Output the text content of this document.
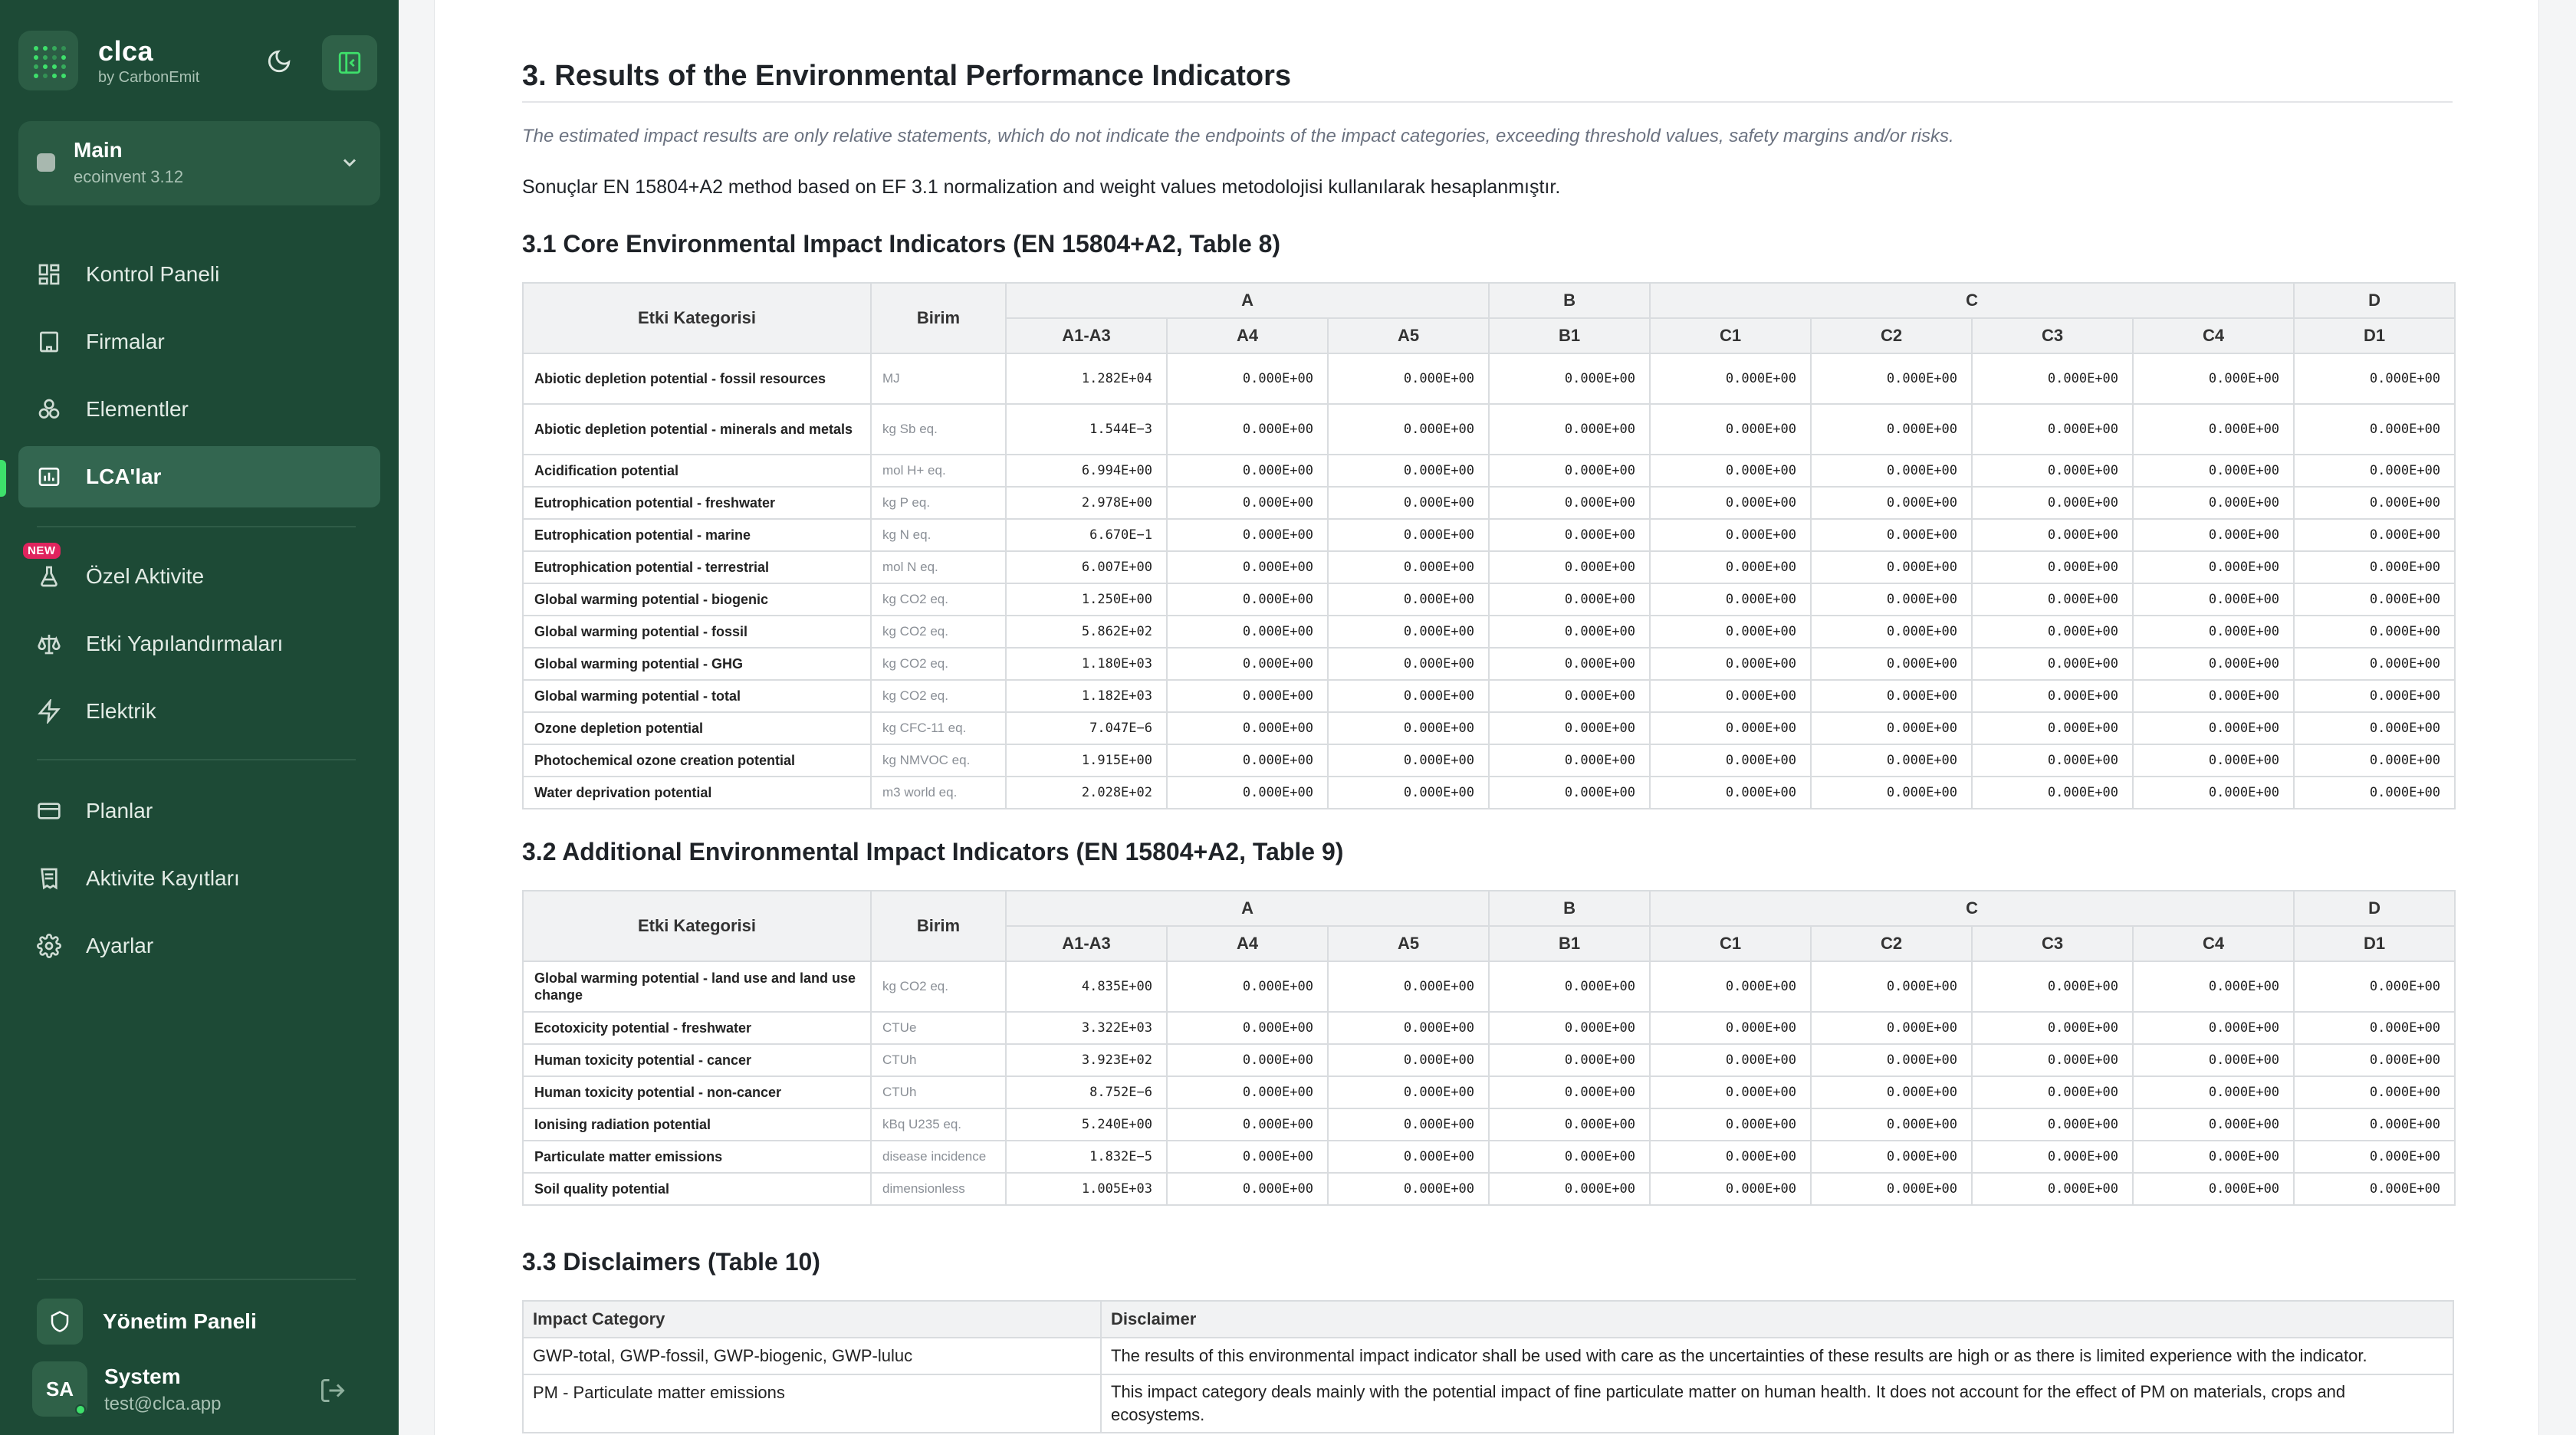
clca
by CarbonEmit
Main
ecoinvent 3.12
Kontrol Paneli
Firmalar
Elementler
LCA'lar
NEW
Özel Aktivite
Etki Yapılandırmaları
Elektrik
Planlar
Aktivite Kayıtları
Ayarlar
Yönetim Paneli
SA
System
test@clca.app
3. Results of the Environmental Performance Indicators

The estimated impact results are only relative statements, which do not indicate the endpoints of the impact categories, exceeding threshold values, safety margins and/or risks.

Sonuçlar EN 15804+A2 method based on EF 3.1 normalization and weight values metodolojisi kullanılarak hesaplanmıştır.

3.1 Core Environmental Impact Indicators (EN 15804+A2, Table 8)
Etki Kategorisi	Birim	A			B	C				D
		A1-A3	A4	A5	B1	C1	C2	C3	C4	D1
Abiotic depletion potential - fossil resources	MJ	1.282E+04	0.000E+00	0.000E+00	0.000E+00	0.000E+00	0.000E+00	0.000E+00	0.000E+00	0.000E+00
Abiotic depletion potential - minerals and metals	kg Sb eq.	1.544E−3	0.000E+00	0.000E+00	0.000E+00	0.000E+00	0.000E+00	0.000E+00	0.000E+00	0.000E+00
Acidification potential	mol H+ eq.	6.994E+00	0.000E+00	0.000E+00	0.000E+00	0.000E+00	0.000E+00	0.000E+00	0.000E+00	0.000E+00
Eutrophication potential - freshwater	kg P eq.	2.978E+00	0.000E+00	0.000E+00	0.000E+00	0.000E+00	0.000E+00	0.000E+00	0.000E+00	0.000E+00
Eutrophication potential - marine	kg N eq.	6.670E−1	0.000E+00	0.000E+00	0.000E+00	0.000E+00	0.000E+00	0.000E+00	0.000E+00	0.000E+00
Eutrophication potential - terrestrial	mol N eq.	6.007E+00	0.000E+00	0.000E+00	0.000E+00	0.000E+00	0.000E+00	0.000E+00	0.000E+00	0.000E+00
Global warming potential - biogenic	kg CO2 eq.	1.250E+00	0.000E+00	0.000E+00	0.000E+00	0.000E+00	0.000E+00	0.000E+00	0.000E+00	0.000E+00
Global warming potential - fossil	kg CO2 eq.	5.862E+02	0.000E+00	0.000E+00	0.000E+00	0.000E+00	0.000E+00	0.000E+00	0.000E+00	0.000E+00
Global warming potential - GHG	kg CO2 eq.	1.180E+03	0.000E+00	0.000E+00	0.000E+00	0.000E+00	0.000E+00	0.000E+00	0.000E+00	0.000E+00
Global warming potential - total	kg CO2 eq.	1.182E+03	0.000E+00	0.000E+00	0.000E+00	0.000E+00	0.000E+00	0.000E+00	0.000E+00	0.000E+00
Ozone depletion potential	kg CFC-11 eq.	7.047E−6	0.000E+00	0.000E+00	0.000E+00	0.000E+00	0.000E+00	0.000E+00	0.000E+00	0.000E+00
Photochemical ozone creation potential	kg NMVOC eq.	1.915E+00	0.000E+00	0.000E+00	0.000E+00	0.000E+00	0.000E+00	0.000E+00	0.000E+00	0.000E+00
Water deprivation potential	m3 world eq.	2.028E+02	0.000E+00	0.000E+00	0.000E+00	0.000E+00	0.000E+00	0.000E+00	0.000E+00	0.000E+00
3.2 Additional Environmental Impact Indicators (EN 15804+A2, Table 9)
Etki Kategorisi	Birim	A			B	C				D
		A1-A3	A4	A5	B1	C1	C2	C3	C4	D1
Global warming potential - land use and land use change	kg CO2 eq.	4.835E+00	0.000E+00	0.000E+00	0.000E+00	0.000E+00	0.000E+00	0.000E+00	0.000E+00	0.000E+00
Ecotoxicity potential - freshwater	CTUe	3.322E+03	0.000E+00	0.000E+00	0.000E+00	0.000E+00	0.000E+00	0.000E+00	0.000E+00	0.000E+00
Human toxicity potential - cancer	CTUh	3.923E+02	0.000E+00	0.000E+00	0.000E+00	0.000E+00	0.000E+00	0.000E+00	0.000E+00	0.000E+00
Human toxicity potential - non-cancer	CTUh	8.752E−6	0.000E+00	0.000E+00	0.000E+00	0.000E+00	0.000E+00	0.000E+00	0.000E+00	0.000E+00
Ionising radiation potential	kBq U235 eq.	5.240E+00	0.000E+00	0.000E+00	0.000E+00	0.000E+00	0.000E+00	0.000E+00	0.000E+00	0.000E+00
Particulate matter emissions	disease incidence	1.832E−5	0.000E+00	0.000E+00	0.000E+00	0.000E+00	0.000E+00	0.000E+00	0.000E+00	0.000E+00
Soil quality potential	dimensionless	1.005E+03	0.000E+00	0.000E+00	0.000E+00	0.000E+00	0.000E+00	0.000E+00	0.000E+00	0.000E+00
3.3 Disclaimers (Table 10)
Impact Category	Disclaimer
GWP-total, GWP-fossil, GWP-biogenic, GWP-luluc	The results of this environmental impact indicator shall be used with care as the uncertainties of these results are high or as there is limited experience with the indicator.
PM - Particulate matter emissions	This impact category deals mainly with the potential impact of fine particulate matter on human health. It does not account for the effect of PM on materials, crops and ecosystems.
